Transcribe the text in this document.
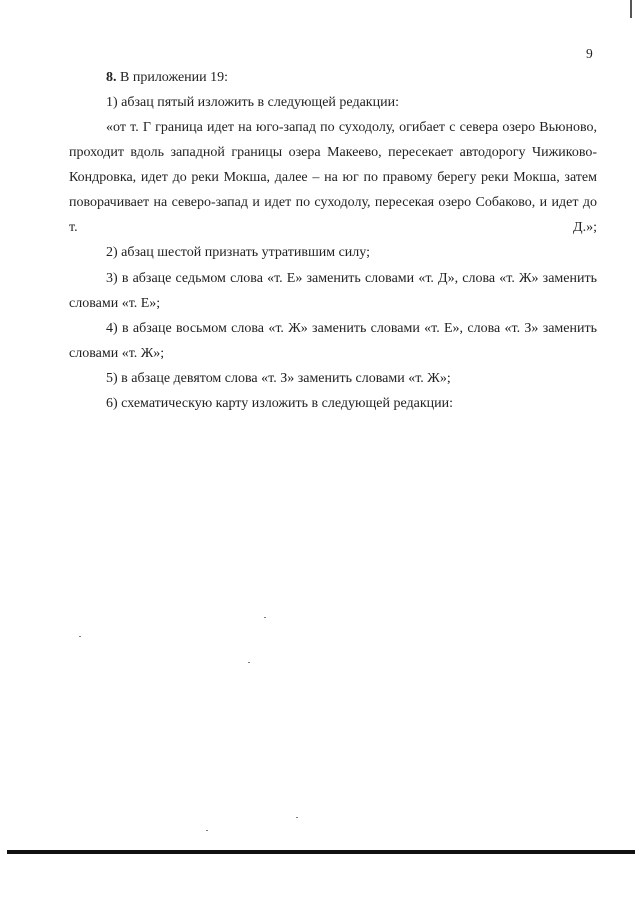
9

8. В приложении 19:

1) абзац пятый изложить в следующей редакции:

«от т. Г граница идет на юго-запад по суходолу, огибает с севера озеро Вьюново, проходит вдоль западной границы озера Макеево, пересекает автодорогу Чижиково-Кондровка, идет до реки Мокша, далее – на юг по правому берегу реки Мокша, затем поворачивает на северо-запад и идет по суходолу, пересекая озеро Собаково, и идет до т. Д.»;

2) абзац шестой признать утратившим силу;

3) в абзаце седьмом слова «т. Е» заменить словами «т. Д», слова «т. Ж» заменить словами «т. Е»;

4) в абзаце восьмом слова «т. Ж» заменить словами «т. Е», слова «т. З» заменить словами «т. Ж»;

5) в абзаце девятом слова «т. З» заменить словами «т. Ж»;

6) схематическую карту изложить в следующей редакции:
